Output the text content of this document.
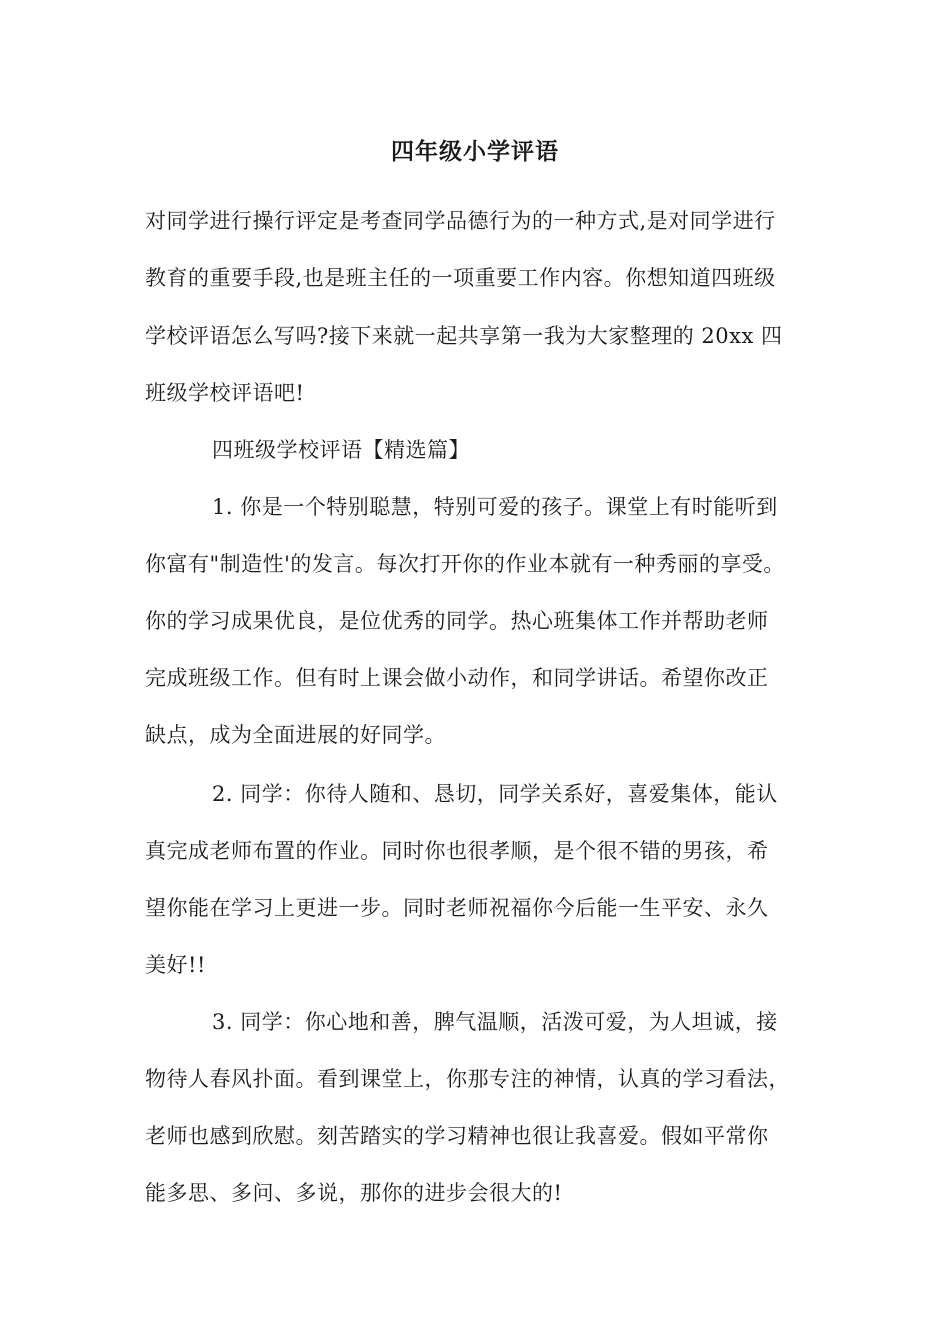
四年级小学评语
对同学进行操行评定是考查同学品德行为的一种方式,是对同学进行
教育的重要手段,也是班主任的一项重要工作内容。你想知道四班级
学校评语怎么写吗?接下来就一起共享第一我为大家整理的 20xx 四
班级学校评语吧!
四班级学校评语【精选篇】
1. 你是一个特别聪慧，特别可爱的孩子。课堂上有时能听到
你富有"制造性'的发言。每次打开你的作业本就有一种秀丽的享受。
你的学习成果优良，是位优秀的同学。热心班集体工作并帮助老师
完成班级工作。但有时上课会做小动作，和同学讲话。希望你改正
缺点，成为全面进展的好同学。
2. 同学：你待人随和、恳切，同学关系好，喜爱集体，能认
真完成老师布置的作业。同时你也很孝顺，是个很不错的男孩，希
望你能在学习上更进一步。同时老师祝福你今后能一生平安、永久
美好!!
3. 同学：你心地和善，脾气温顺，活泼可爱，为人坦诚，接
物待人春风扑面。看到课堂上，你那专注的神情，认真的学习看法，
老师也感到欣慰。刻苦踏实的学习精神也很让我喜爱。假如平常你
能多思、多问、多说，那你的进步会很大的!
